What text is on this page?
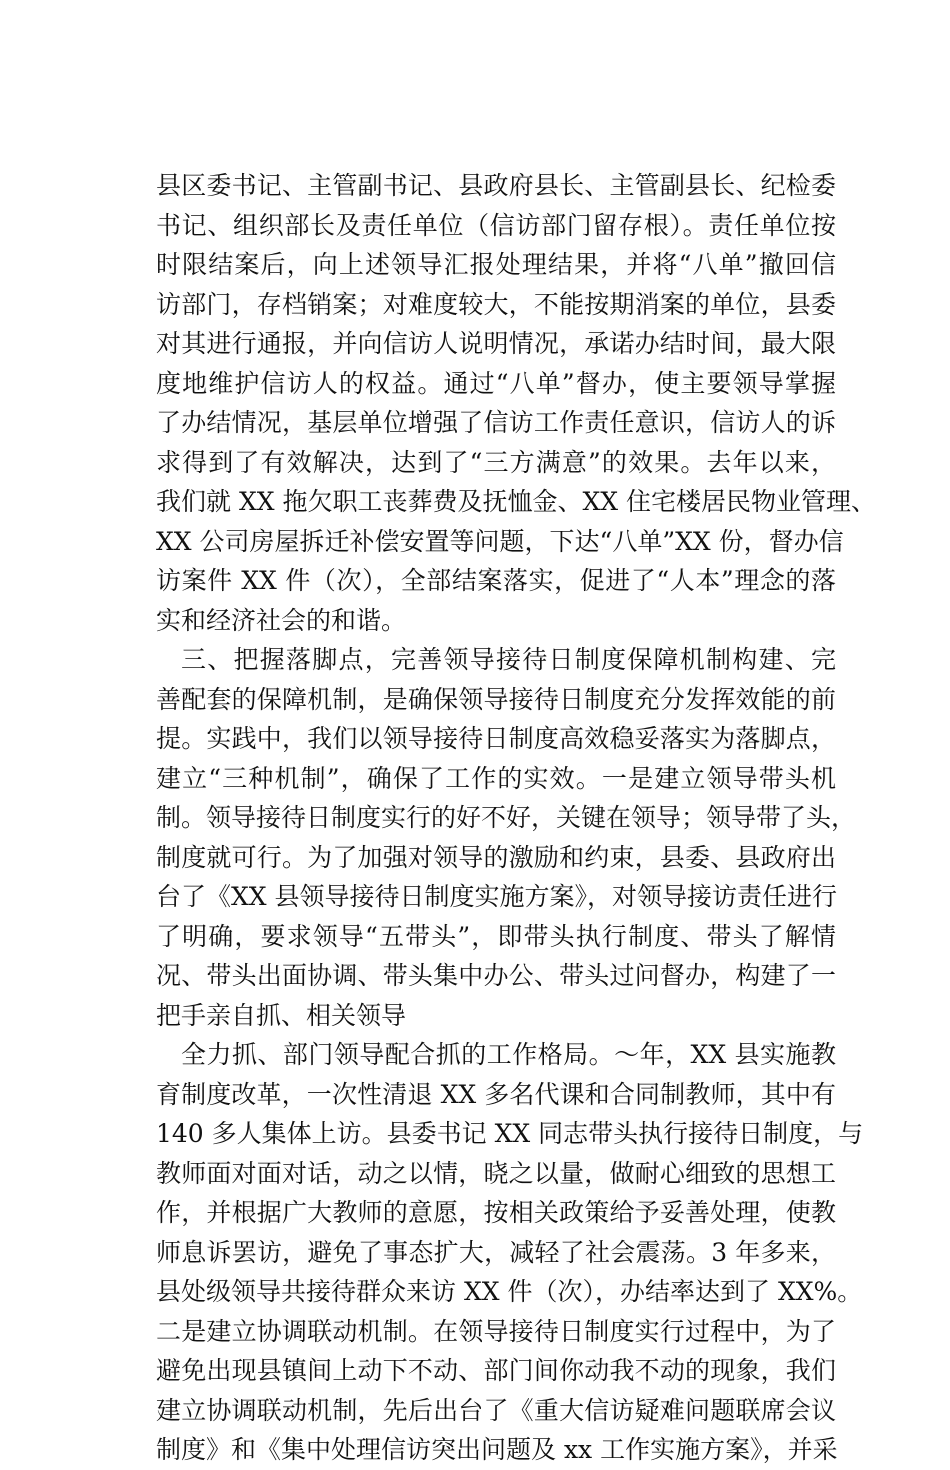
县区委书记、主管副书记、县政府县长、主管副县长、纪检委
书记、组织部长及责任单位（信访部门留存根）。责任单位按
时限结案后，向上述领导汇报处理结果，并将“八单”撤回信
访部门，存档销案；对难度较大，不能按期消案的单位，县委
对其进行通报，并向信访人说明情况，承诺办结时间，最大限
度地维护信访人的权益。通过“八单”督办，使主要领导掌握
了办结情况，基层单位增强了信访工作责任意识，信访人的诉
求得到了有效解决，达到了“三方满意”的效果。去年以来，
我们就 XX 拖欠职工丧葬费及抚恤金、XX 住宅楼居民物业管理、
XX 公司房屋拆迁补偿安置等问题，下达“八单”XX 份，督办信
访案件 XX 件（次），全部结案落实，促进了“人本”理念的落
实和经济社会的和谐。
三、把握落脚点，完善领导接待日制度保障机制构建、完
善配套的保障机制，是确保领导接待日制度充分发挥效能的前
提。实践中，我们以领导接待日制度高效稳妥落实为落脚点，
建立“三种机制”，确保了工作的实效。一是建立领导带头机
制。领导接待日制度实行的好不好，关键在领导；领导带了头，
制度就可行。为了加强对领导的激励和约束，县委、县政府出
台了《XX 县领导接待日制度实施方案》，对领导接访责任进行
了明确，要求领导“五带头”，即带头执行制度、带头了解情
况、带头出面协调、带头集中办公、带头过问督办，构建了一
把手亲自抓、相关领导
全力抓、部门领导配合抓的工作格局。～年，XX 县实施教
育制度改革，一次性清退 XX 多名代课和合同制教师，其中有
140 多人集体上访。县委书记 XX 同志带头执行接待日制度，与
教师面对面对话，动之以情，晓之以量，做耐心细致的思想工
作，并根据广大教师的意愿，按相关政策给予妥善处理，使教
师息诉罢访，避免了事态扩大，减轻了社会震荡。3 年多来，
县处级领导共接待群众来访 XX 件（次），办结率达到了 XX%。
二是建立协调联动机制。在领导接待日制度实行过程中，为了
避免出现县镇间上动下不动、部门间你动我不动的现象，我们
建立协调联动机制，先后出台了《重大信访疑难问题联席会议
制度》和《集中处理信访突出问题及 xx 工作实施方案》，并采
